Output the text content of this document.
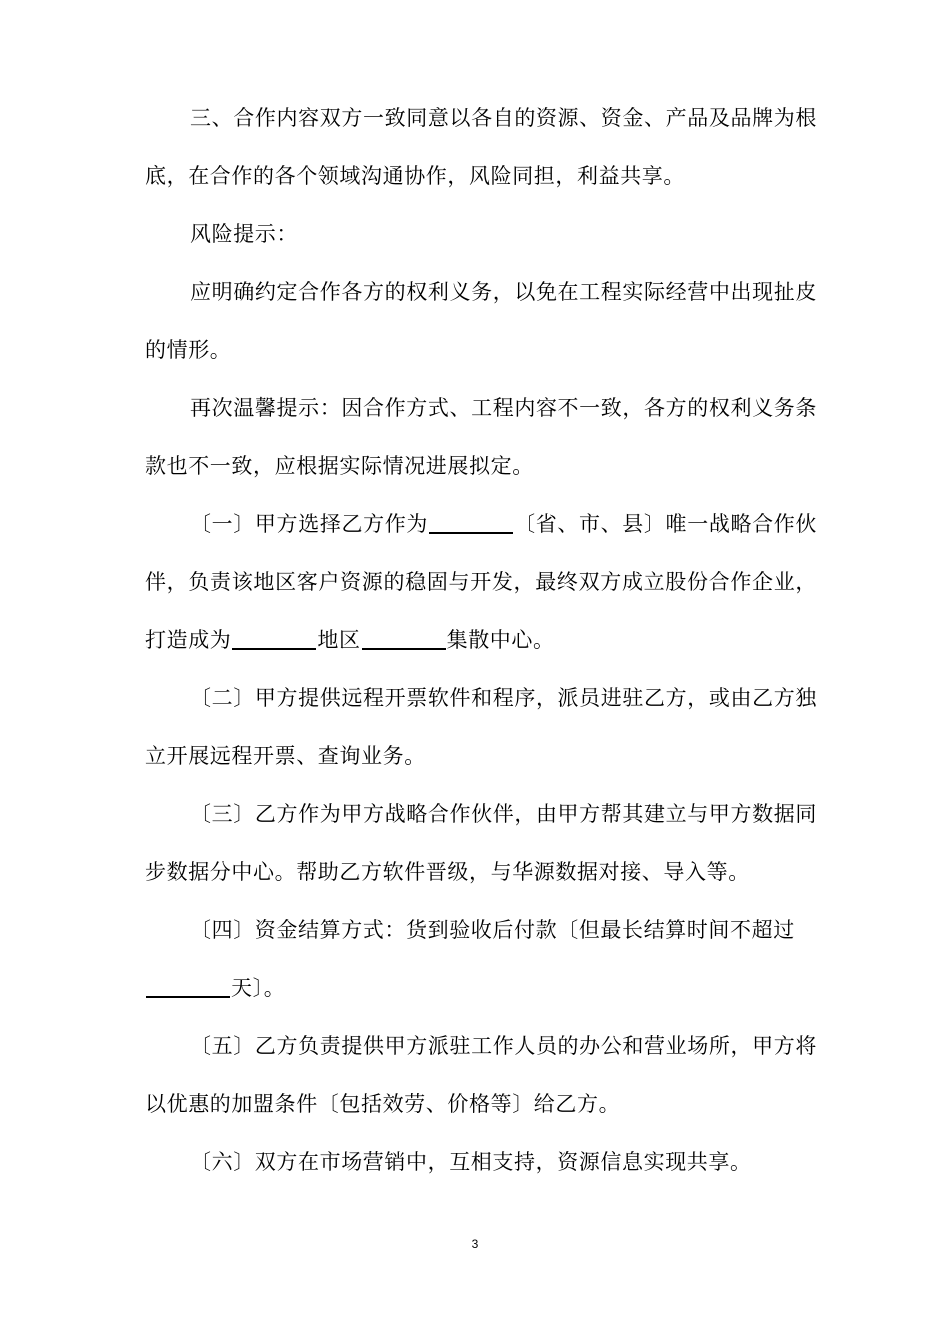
三、合作内容双方一致同意以各自的资源、资金、产品及品牌为根底，在合作的各个领域沟通协作，风险同担，利益共享。

风险提示：

应明确约定合作各方的权利义务，以免在工程实际经营中出现扯皮的情形。

再次温馨提示：因合作方式、工程内容不一致，各方的权利义务条款也不一致，应根据实际情况进展拟定。

〔一〕甲方选择乙方作为	〔省、市、县〕唯一战略合作伙伴，负责该地区客户资源的稳固与开发，最终双方成立股份合作企业，打造成为	地区	集散中心。

〔二〕甲方提供远程开票软件和程序，派员进驻乙方，或由乙方独立开展远程开票、查询业务。

〔三〕乙方作为甲方战略合作伙伴，由甲方帮其建立与甲方数据同步数据分中心。帮助乙方软件晋级，与华源数据对接、导入等。

〔四〕资金结算方式：货到验收后付款〔但最长结算时间不超过
天〕。

〔五〕乙方负责提供甲方派驻工作人员的办公和营业场所，甲方将以优惠的加盟条件〔包括效劳、价格等〕给乙方。

〔六〕双方在市场营销中，互相支持，资源信息实现共享。

3
